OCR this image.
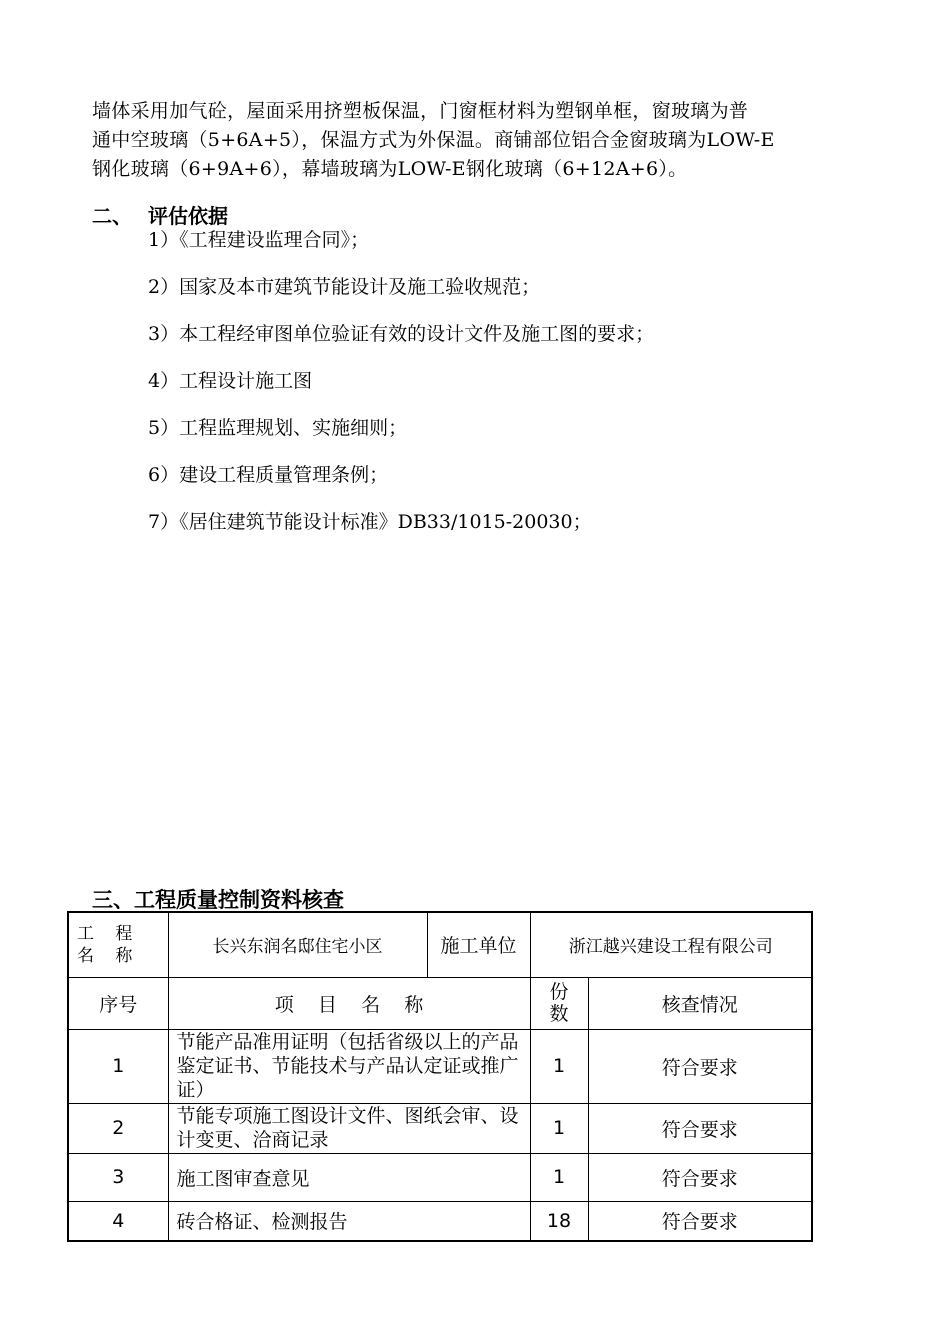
墙体采用加气砼，屋面采用挤塑板保温，门窗框材料为塑钢单框，窗玻璃为普

通中空玻璃（5+6A+5），保温方式为外保温。商铺部位铝合金窗玻璃为LOW-E

钢化玻璃（6+9A+6），幕墙玻璃为LOW-E钢化玻璃（6+12A+6）。

二、 评估依据
1）《工程建设监理合同》；
2）国家及本市建筑节能设计及施工验收规范；
3）本工程经审图单位验证有效的设计文件及施工图的要求；
4）工程设计施工图
5）工程监理规划、实施细则；
6）建设工程质量管理条例；
7）《居住建筑节能设计标准》DB33/1015-20030；
三、工程质量控制资料核查
工 程 名 称	长兴东润名邸住宅小区	施工单位	浙江越兴建设工程有限公司	
序号	项    目    名    称		份数	核查情况
1	节能产品准用证明（包括省级以上的产品鉴定证书、节能技术与产品认定证或推广证）		1	符合要求
2	节能专项施工图设计文件、图纸会审、设计变更、洽商记录		1	符合要求
3	施工图审查意见		1	符合要求
4	砖合格证、检测报告		18	符合要求
